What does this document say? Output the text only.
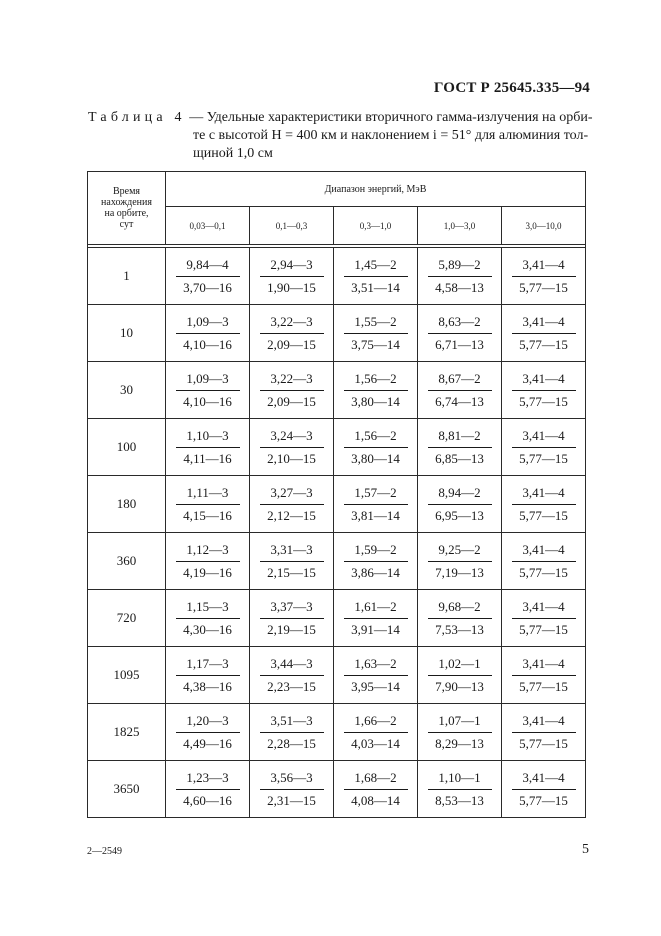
ГОСТ Р 25645.335—94
Таблица 4 — Удельные характеристики вторичного гамма-излучения на орби-
те с высотой H = 400 км и наклонением i = 51° для алюминия тол-
щиной 1,0 см
Время
нахождения
на орбите,
сут	Диапазон энергий, МэВ				
	0,03—0,1	0,1—0,3	0,3—1,0	1,0—3,0	3,0—10,0

1	$\frac{9,84—4}{3,70—16}$	$\frac{2,94—3}{1,90—15}$	$\frac{1,45—2}{3,51—14}$	$\frac{5,89—2}{4,58—13}$	$\frac{3,41—4}{5,77—15}$

10	$\frac{1,09—3}{4,10—16}$	$\frac{3,22—3}{2,09—15}$	$\frac{1,55—2}{3,75—14}$	$\frac{8,63—2}{6,71—13}$	$\frac{3,41—4}{5,77—15}$

30	$\frac{1,09—3}{4,10—16}$	$\frac{3,22—3}{2,09—15}$	$\frac{1,56—2}{3,80—14}$	$\frac{8,67—2}{6,74—13}$	$\frac{3,41—4}{5,77—15}$

100	$\frac{1,10—3}{4,11—16}$	$\frac{3,24—3}{2,10—15}$	$\frac{1,56—2}{3,80—14}$	$\frac{8,81—2}{6,85—13}$	$\frac{3,41—4}{5,77—15}$

180	$\frac{1,11—3}{4,15—16}$	$\frac{3,27—3}{2,12—15}$	$\frac{1,57—2}{3,81—14}$	$\frac{8,94—2}{6,95—13}$	$\frac{3,41—4}{5,77—15}$

360	$\frac{1,12—3}{4,19—16}$	$\frac{3,31—3}{2,15—15}$	$\frac{1,59—2}{3,86—14}$	$\frac{9,25—2}{7,19—13}$	$\frac{3,41—4}{5,77—15}$

720	$\frac{1,15—3}{4,30—16}$	$\frac{3,37—3}{2,19—15}$	$\frac{1,61—2}{3,91—14}$	$\frac{9,68—2}{7,53—13}$	$\frac{3,41—4}{5,77—15}$

1095	$\frac{1,17—3}{4,38—16}$	$\frac{3,44—3}{2,23—15}$	$\frac{1,63—2}{3,95—14}$	$\frac{1,02—1}{7,90—13}$	$\frac{3,41—4}{5,77—15}$

1825	$\frac{1,20—3}{4,49—16}$	$\frac{3,51—3}{2,28—15}$	$\frac{1,66—2}{4,03—14}$	$\frac{1,07—1}{8,29—13}$	$\frac{3,41—4}{5,77—15}$

3650	$\frac{1,23—3}{4,60—16}$	$\frac{3,56—3}{2,31—15}$	$\frac{1,68—2}{4,08—14}$	$\frac{1,10—1}{8,53—13}$	$\frac{3,41—4}{5,77—15}$
2—2549	5
